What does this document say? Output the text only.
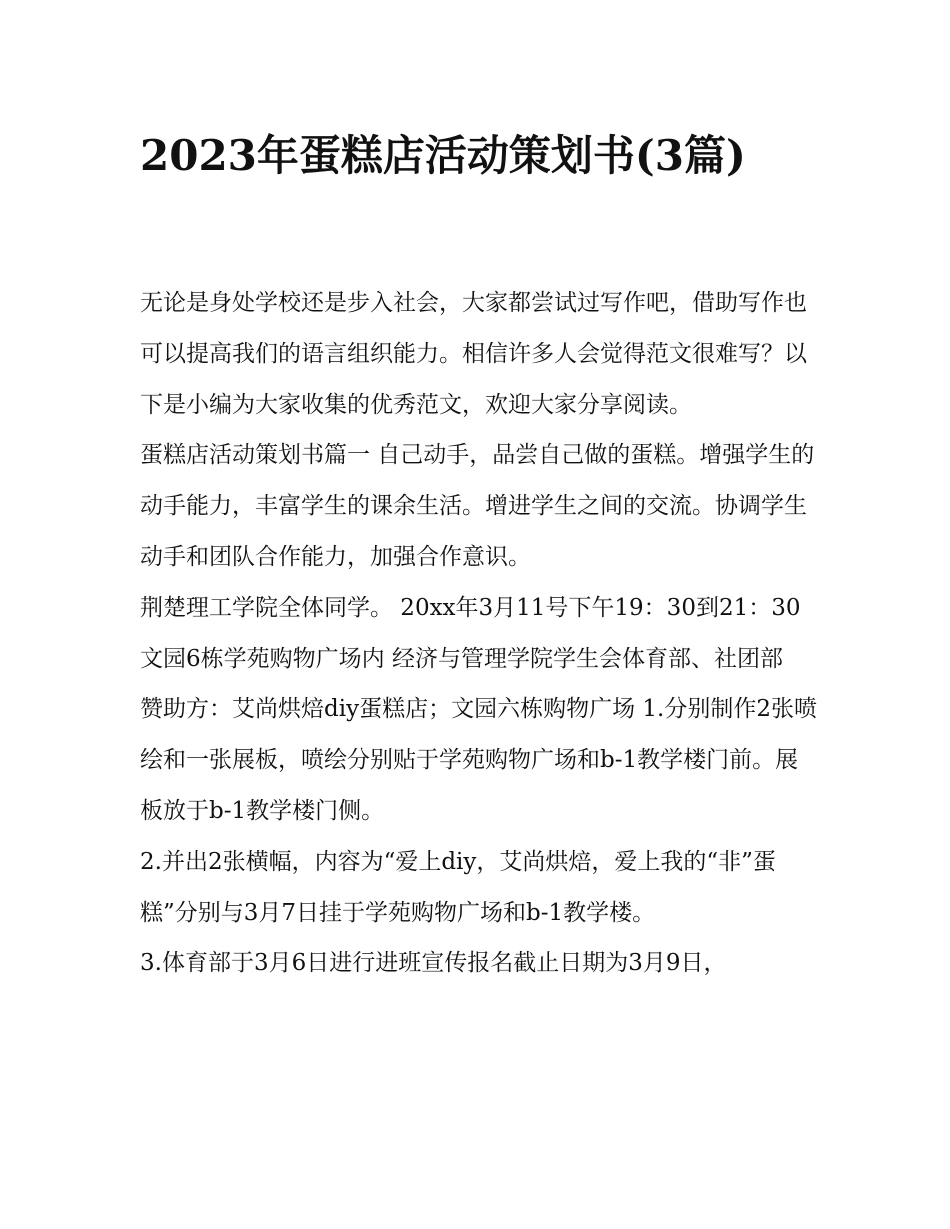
2023年蛋糕店活动策划书(3篇)

无论是身处学校还是步入社会，大家都尝试过写作吧，借助写作也可以提高我们的语言组织能力。相信许多人会觉得范文很难写？以下是小编为大家收集的优秀范文，欢迎大家分享阅读。

蛋糕店活动策划书篇一 自己动手，品尝自己做的蛋糕。增强学生的动手能力，丰富学生的课余生活。增进学生之间的交流。协调学生动手和团队合作能力，加强合作意识。

荆楚理工学院全体同学。 20xx年3月11号下午19：30到21：30文园6栋学苑购物广场内 经济与管理学院学生会体育部、社团部

赞助方：艾尚烘焙diy蛋糕店；文园六栋购物广场 1.分别制作2张喷绘和一张展板，喷绘分别贴于学苑购物广场和b-1教学楼门前。展板放于b-1教学楼门侧。

2.并出2张横幅，内容为“爱上diy，艾尚烘焙，爱上我的“非”蛋糕”分别与3月7日挂于学苑购物广场和b-1教学楼。

3.体育部于3月6日进行进班宣传报名截止日期为3月9日，
